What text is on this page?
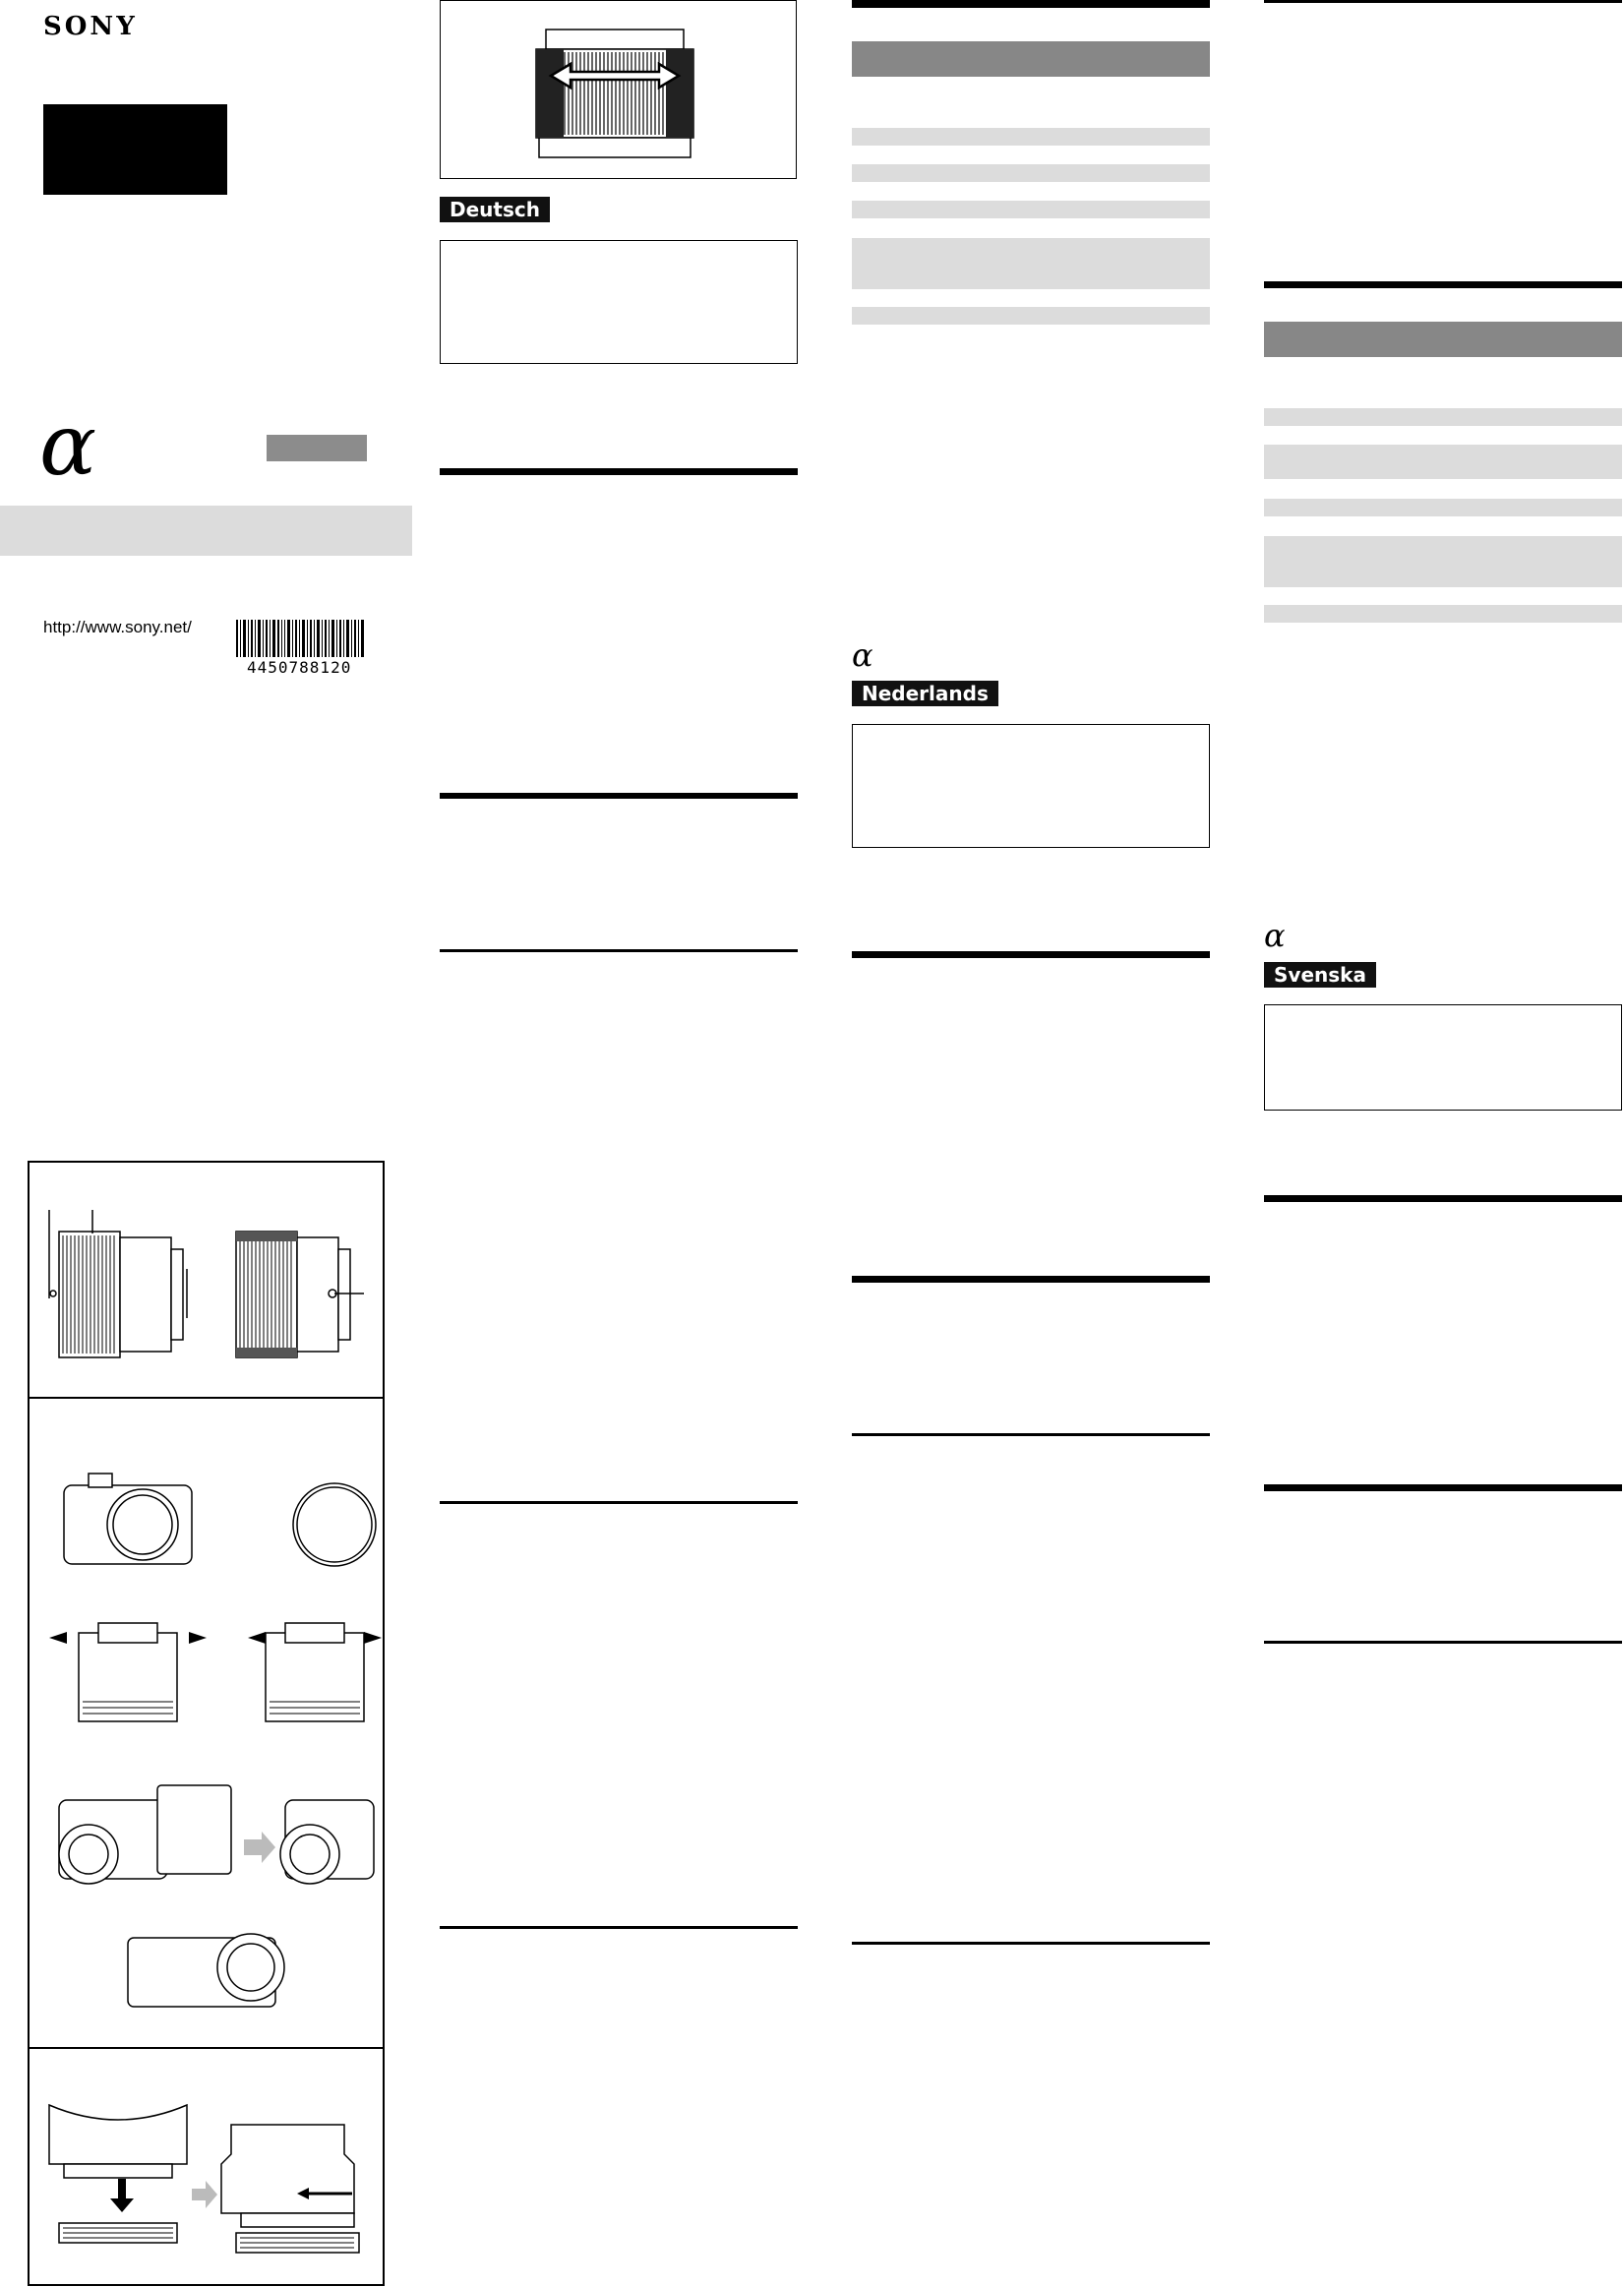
SONY
α
http://www.sony.net/
4450788120
Deutsch
α
Nederlands
α
Svenska
